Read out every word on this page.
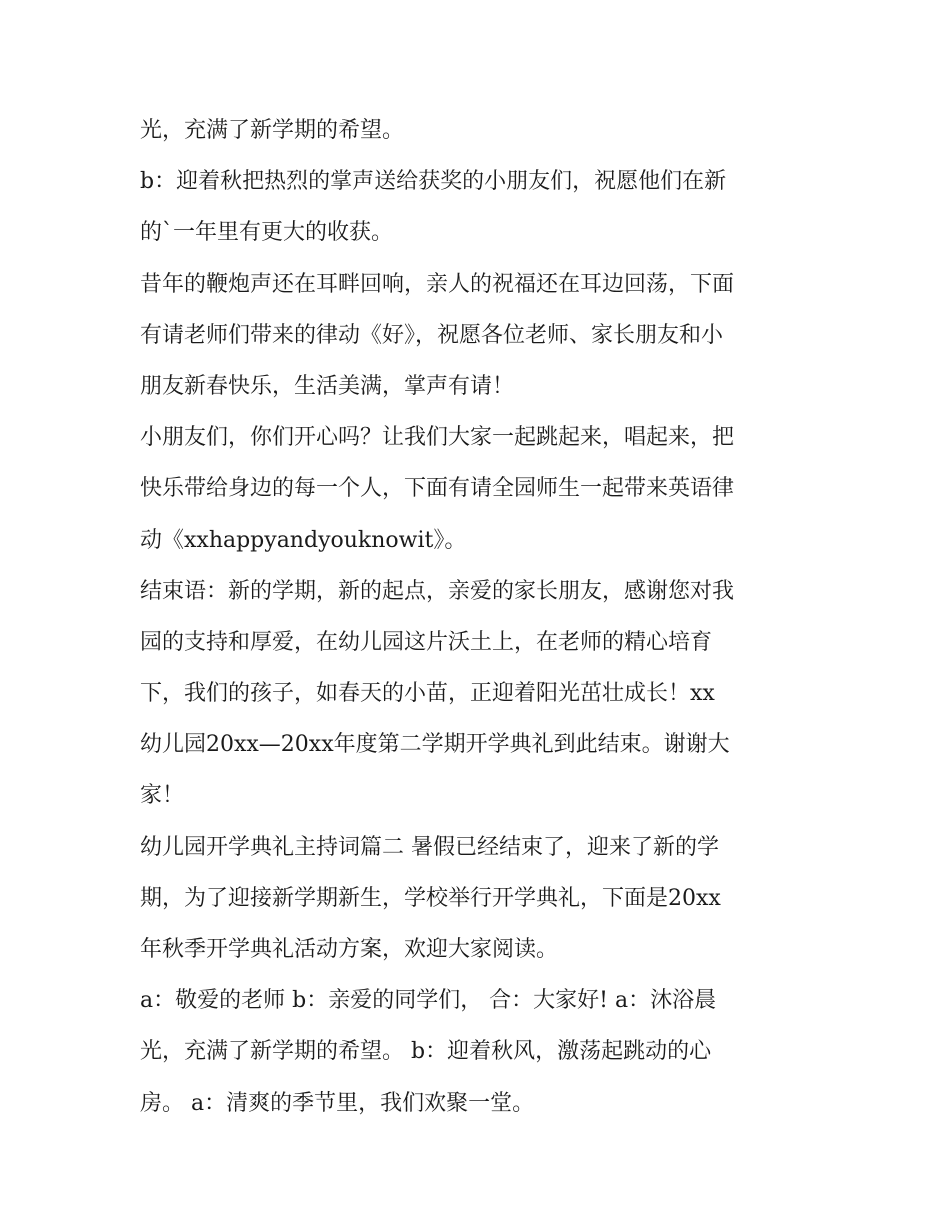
光，充满了新学期的希望。
b：迎着秋把热烈的掌声送给获奖的小朋友们，祝愿他们在新
的`一年里有更大的收获。
昔年的鞭炮声还在耳畔回响，亲人的祝福还在耳边回荡，下面
有请老师们带来的律动《好》，祝愿各位老师、家长朋友和小
朋友新春快乐，生活美满，掌声有请！
小朋友们，你们开心吗？让我们大家一起跳起来，唱起来，把
快乐带给身边的每一个人，下面有请全园师生一起带来英语律
动《xxhappyandyouknowit》。
结束语：新的学期，新的起点，亲爱的家长朋友，感谢您对我
园的支持和厚爱，在幼儿园这片沃土上，在老师的精心培育
下，我们的孩子，如春天的小苗，正迎着阳光茁壮成长！xx
幼儿园20xx—20xx年度第二学期开学典礼到此结束。谢谢大
家！
幼儿园开学典礼主持词篇二 暑假已经结束了，迎来了新的学
期，为了迎接新学期新生，学校举行开学典礼，下面是20xx
年秋季开学典礼活动方案，欢迎大家阅读。
a：敬爱的老师 b：亲爱的同学们， 合：大家好! a：沐浴晨
光，充满了新学期的希望。 b：迎着秋风，激荡起跳动的心
房。 a：清爽的季节里，我们欢聚一堂。
